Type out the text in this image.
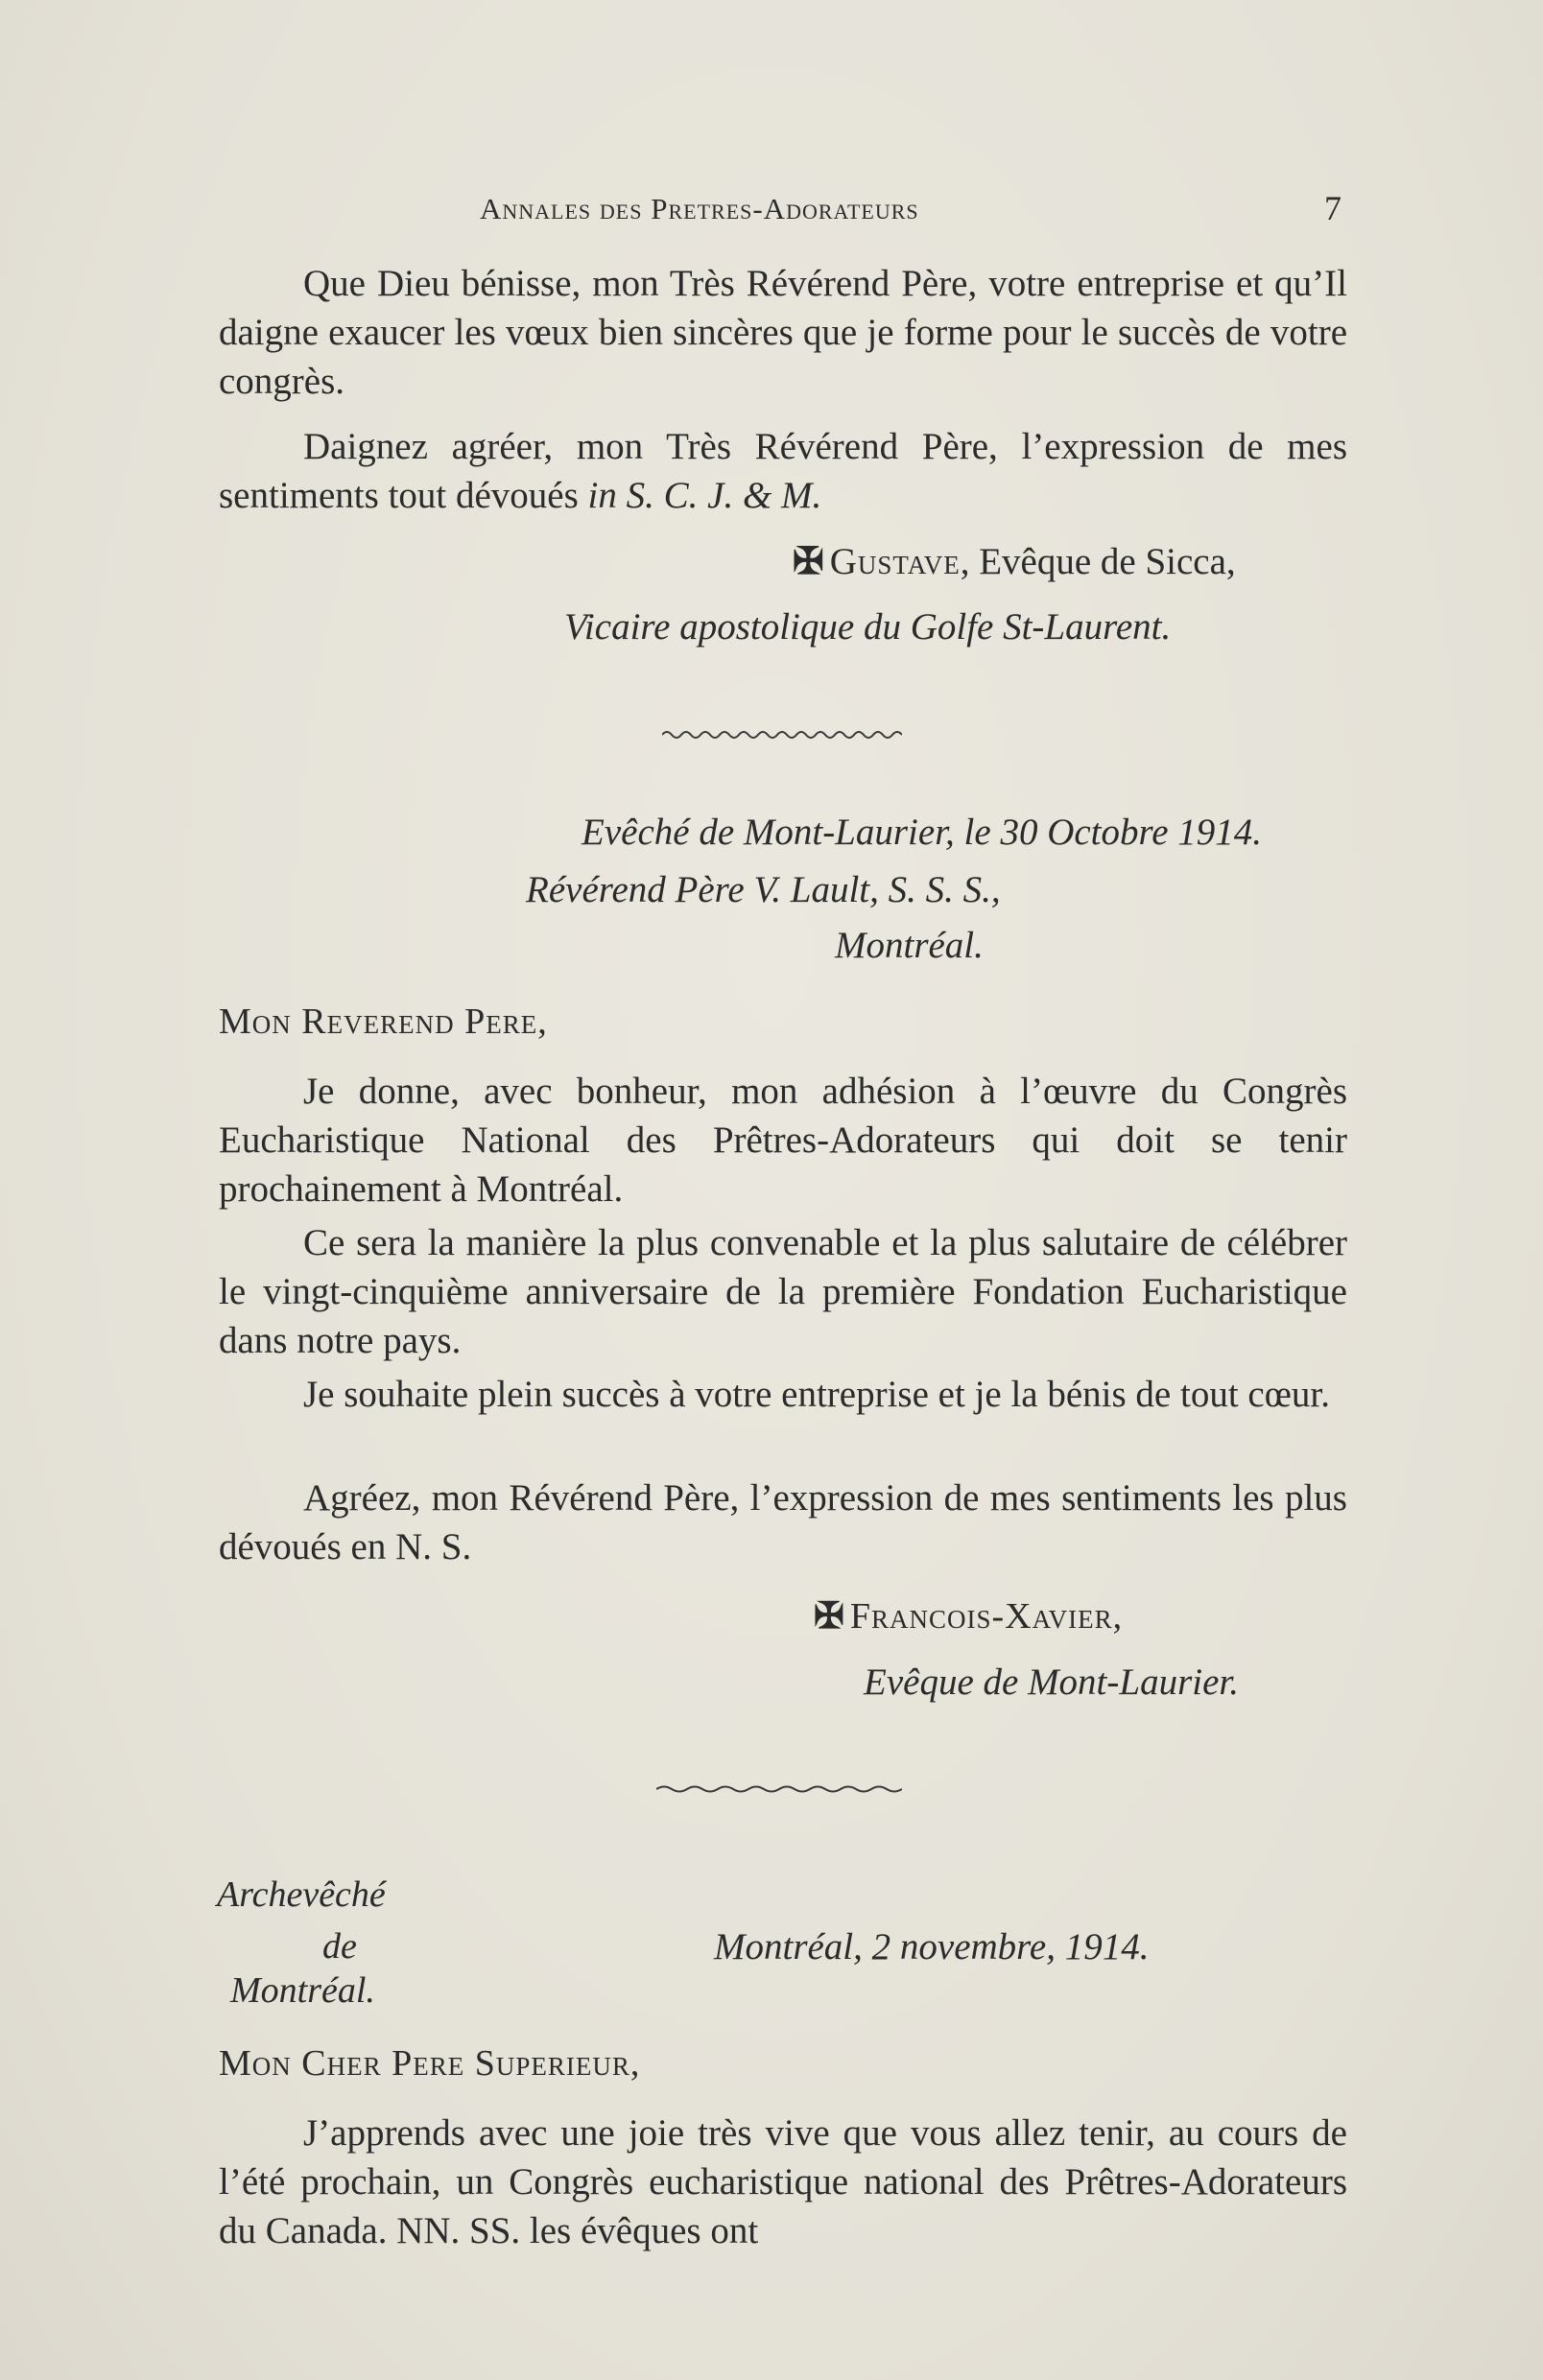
Annales des Pretres-Adorateurs	7

Que Dieu bénisse, mon Très Révérend Père, votre entreprise et qu’Il daigne exaucer les vœux bien sincères que je forme pour le succès de votre congrès.

Daignez agréer, mon Très Révérend Père, l’expression de mes sentiments tout dévoués in S. C. J. & M.

✠ Gustave, Evêque de Sicca,
Vicaire apostolique du Golfe St-Laurent.
Evêché de Mont-Laurier, le 30 Octobre 1914.
Révérend Père V. Lault, S. S. S.,
Montréal.
Mon Reverend Pere,

Je donne, avec bonheur, mon adhésion à l’œuvre du Congrès Eucharistique National des Prêtres-Adorateurs qui doit se tenir prochainement à Montréal.

Ce sera la manière la plus convenable et la plus salutaire de célébrer le vingt-cinquième anniversaire de la première Fondation Eucharistique dans notre pays.

Je souhaite plein succès à votre entreprise et je la bénis de tout cœur.

Agréez, mon Révérend Père, l’expression de mes sentiments les plus dévoués en N. S.

✠ Francois-Xavier,
Evêque de Mont-Laurier.
Archevêché
de
Montréal.
Montréal, 2 novembre, 1914.
Mon Cher Pere Superieur,

J’apprends avec une joie très vive que vous allez tenir, au cours de l’été prochain, un Congrès eucharistique national des Prêtres-Adorateurs du Canada. NN. SS. les évêques ont
